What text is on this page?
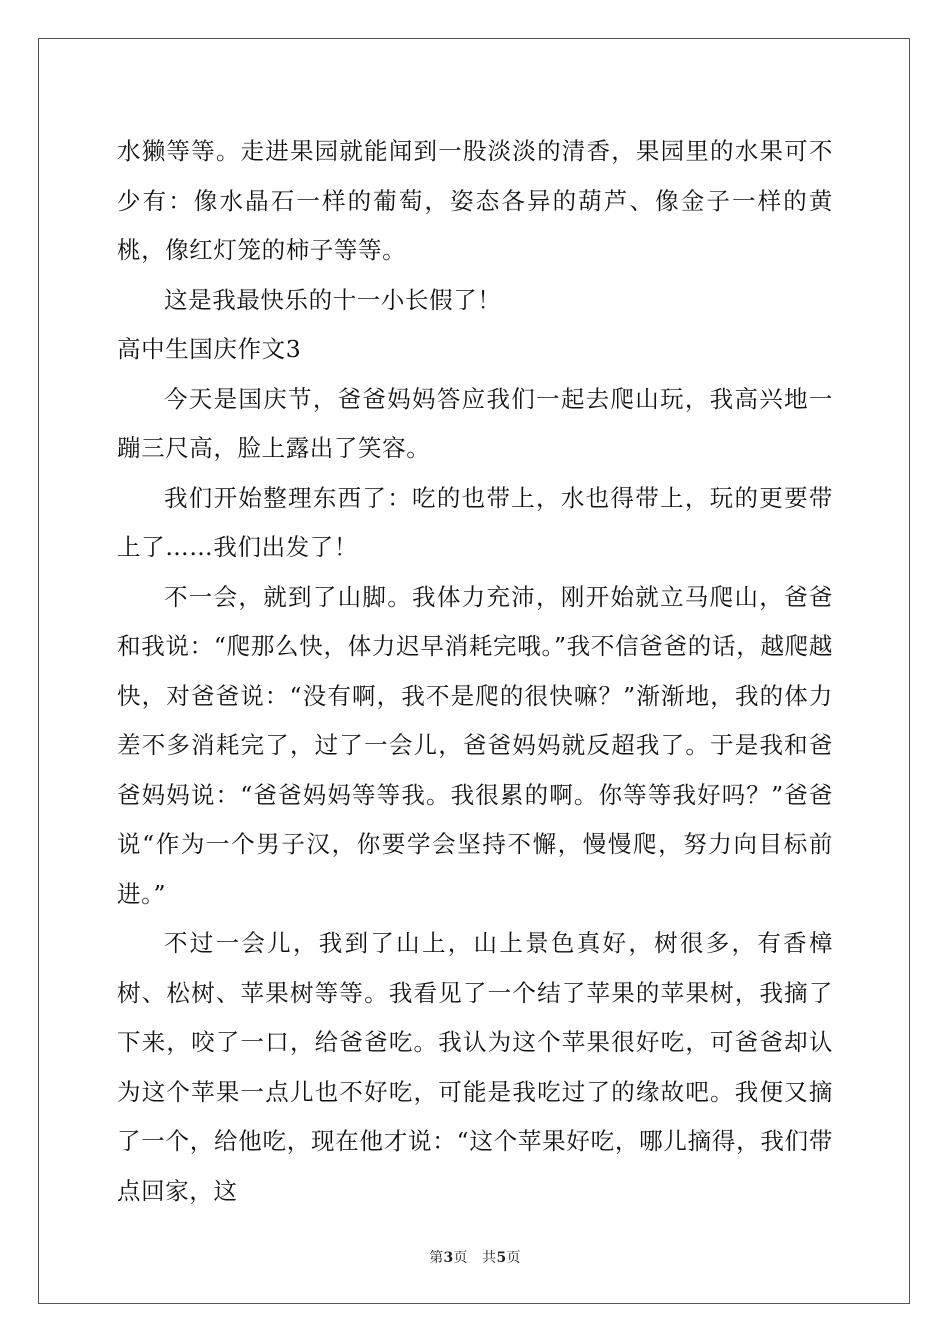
水獭等等。走进果园就能闻到一股淡淡的清香，果园里的水果可不少有：像水晶石一样的葡萄，姿态各异的葫芦、像金子一样的黄桃，像红灯笼的柿子等等。

这是我最快乐的十一小长假了！

高中生国庆作文3

今天是国庆节，爸爸妈妈答应我们一起去爬山玩，我高兴地一蹦三尺高，脸上露出了笑容。

我们开始整理东西了：吃的也带上，水也得带上，玩的更要带上了……我们出发了！

不一会，就到了山脚。我体力充沛，刚开始就立马爬山，爸爸和我说：“爬那么快，体力迟早消耗完哦。”我不信爸爸的话，越爬越快，对爸爸说：“没有啊，我不是爬的很快嘛？”渐渐地，我的体力差不多消耗完了，过了一会儿，爸爸妈妈就反超我了。于是我和爸爸妈妈说：“爸爸妈妈等等我。我很累的啊。你等等我好吗？”爸爸说“作为一个男子汉，你要学会坚持不懈，慢慢爬，努力向目标前进。”

不过一会儿，我到了山上，山上景色真好，树很多，有香樟树、松树、苹果树等等。我看见了一个结了苹果的苹果树，我摘了下来，咬了一口，给爸爸吃。我认为这个苹果很好吃，可爸爸却认为这个苹果一点儿也不好吃，可能是我吃过了的缘故吧。我便又摘了一个，给他吃，现在他才说：“这个苹果好吃，哪儿摘得，我们带点回家，这

第3页 共5页
